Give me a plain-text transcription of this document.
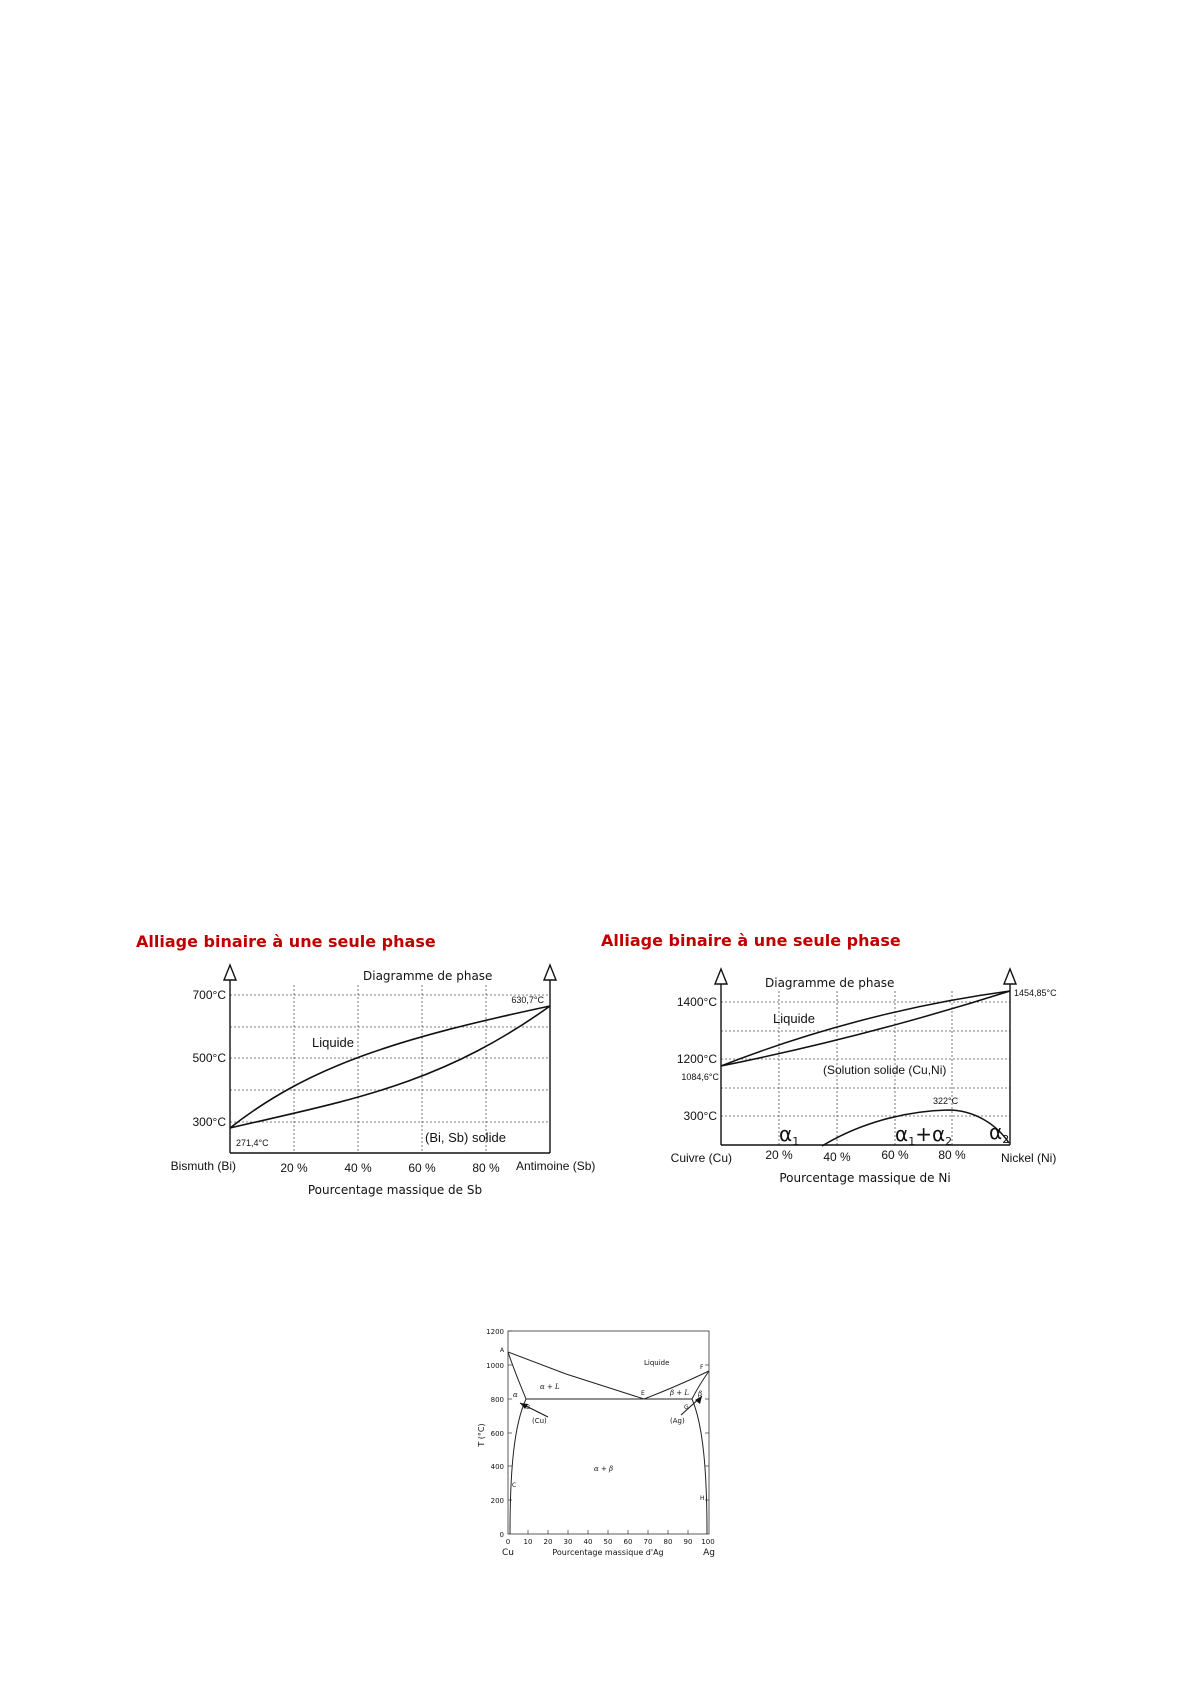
Alliage binaire à une seule phase	Alliage binaire à une seule phase

Diagramme de phase
700°C
500°C
300°C
271,4°C
630,7°C
Liquide
(Bi, Sb) solide
Bismuth (Bi)	20 %	40 %	60 %	80 % Antimoine (Sb)
Pourcentage massique de Sb
Diagramme de phase
1400°C
1200°C
300°C
1084,6°C
1454,85°C
322°C
Liquide
(Solution solide (Cu,Ni)
$\alpha_1$	$\alpha_1+\alpha_2$ $\alpha_2$
Cuivre (Cu)	20 %	40 %	60 % 80 %	Nickel (Ni)
Pourcentage massique de Ni
1200
1000
800
600
400
200
0
T (°C)
0 10 20 30 40 50 60 70 80 90 100
Cu	Pourcentage massique d'Ag	Ag
Liquide
α + L
β + L
α + β
α	β
(Cu)	(Ag)
A
B
C
E
F
G
H
